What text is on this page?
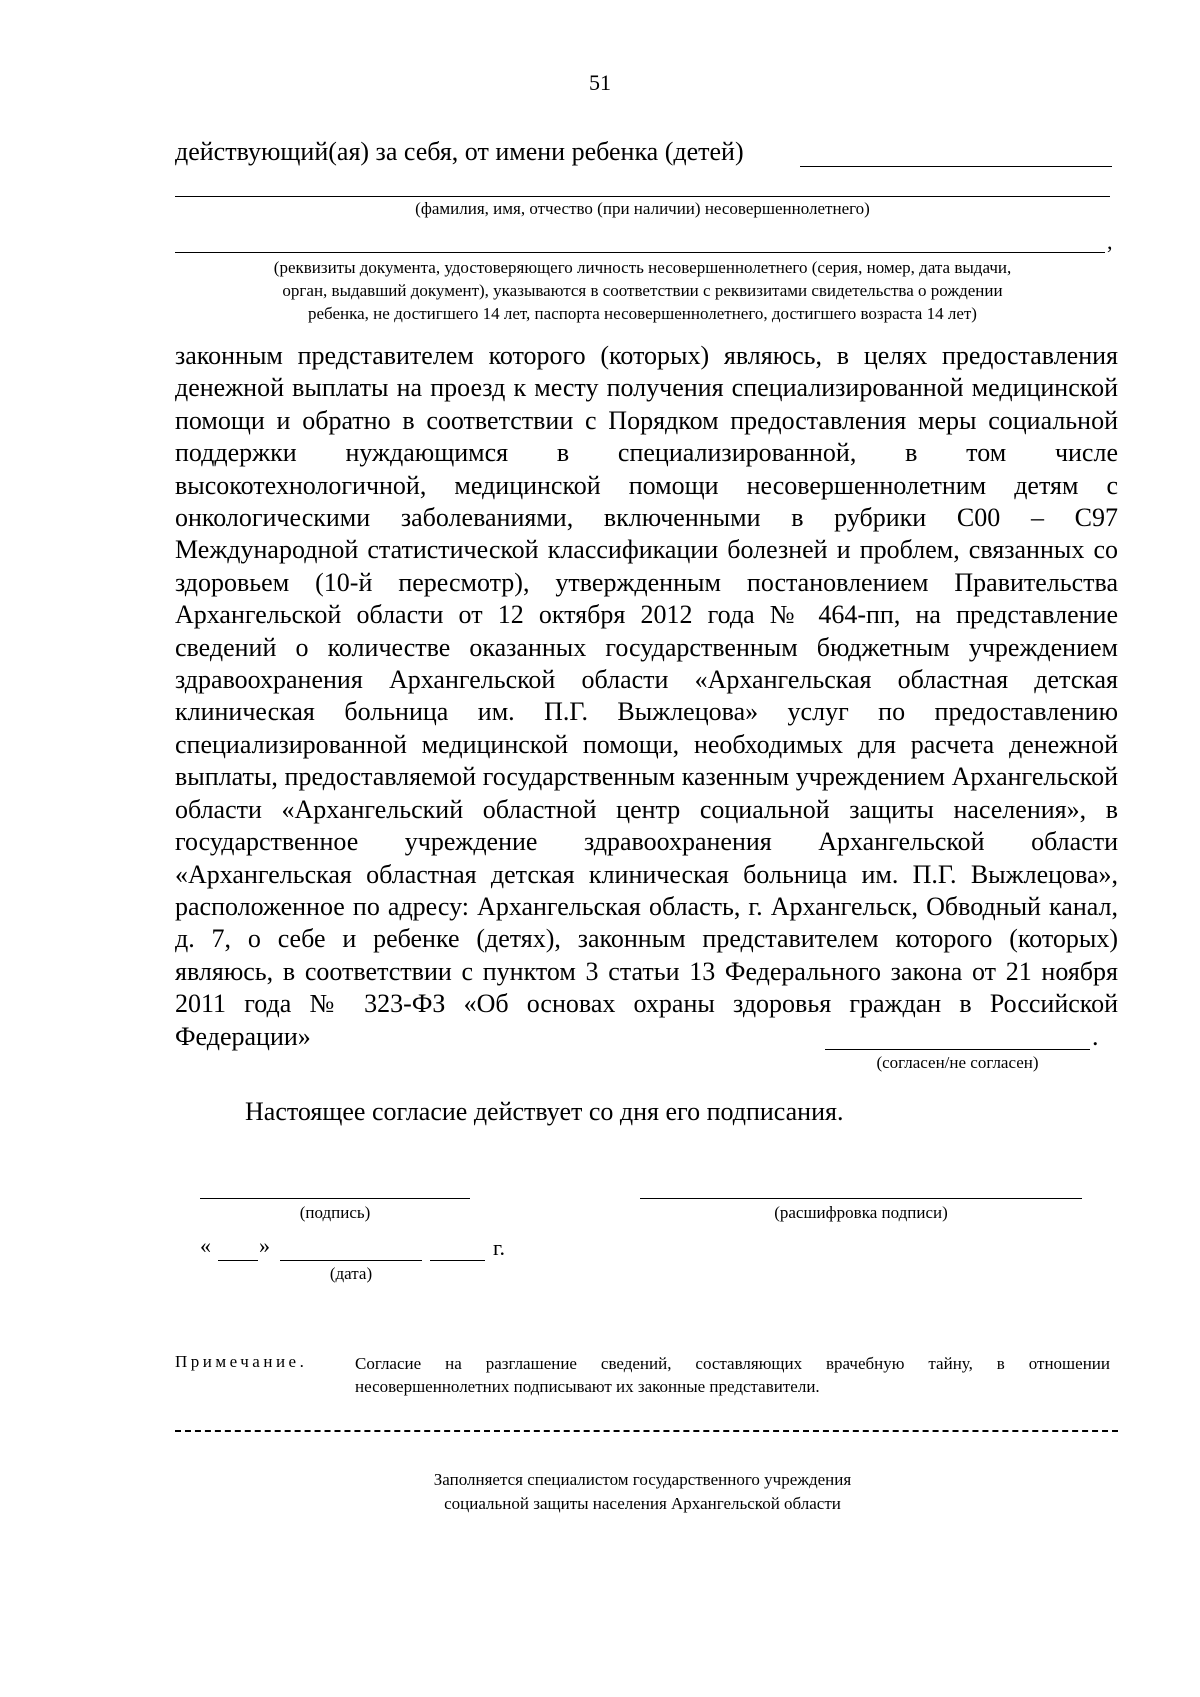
51
действующий(ая) за себя, от имени ребенка (детей)
(фамилия, имя, отчество (при наличии) несовершеннолетнего)
,
(реквизиты документа, удостоверяющего личность несовершеннолетнего (серия, номер, дата выдачи,
орган, выдавший документ), указываются в соответствии с реквизитами свидетельства о рождении
ребенка, не достигшего 14 лет, паспорта несовершеннолетнего, достигшего возраста 14 лет)

законным представителем которого (которых) являюсь, в целях предоставления денежной выплаты на проезд к месту получения специализированной медицинской помощи и обратно в соответствии с Порядком предоставления меры социальной поддержки нуждающимся в специализированной, в том числе высокотехнологичной, медицинской помощи несовершеннолетним детям с онкологическими заболеваниями, включенными в рубрики С00 – С97 Международной статистической классификации болезней и проблем, связанных со здоровьем (10-й пересмотр), утвержденным постановлением Правительства Архангельской области от 12 октября 2012 года № 464-пп, на представление сведений о количестве оказанных государственным бюджетным учреждением здравоохранения Архангельской области «Архангельская областная детская клиническая больница им. П.Г. Выжлецова» услуг по предоставлению специализированной медицинской помощи, необходимых для расчета денежной выплаты, предоставляемой государственным казенным учреждением Архангельской области «Архангельский областной центр социальной защиты населения», в государственное учреждение здравоохранения Архангельской области «Архангельская областная детская клиническая больница им. П.Г. Выжлецова», расположенное по адресу: Архангельская область, г. Архангельск, Обводный канал, д. 7, о себе и ребенке (детях), законным представителем которого (которых) являюсь, в соответствии с пунктом 3 статьи 13 Федерального закона от 21 ноября 2011 года № 323-ФЗ «Об основах охраны здоровья граждан в Российской Федерации»	.
(согласен/не согласен)
Настоящее согласие действует со дня его подписания.
(подпись)	(расшифровка подписи)
« »	г.
(дата)
Примечание.	Согласие на разглашение сведений, составляющих врачебную тайну, в отношении несовершеннолетних подписывают их законные представители.
Заполняется специалистом государственного учреждения
социальной защиты населения Архангельской области
